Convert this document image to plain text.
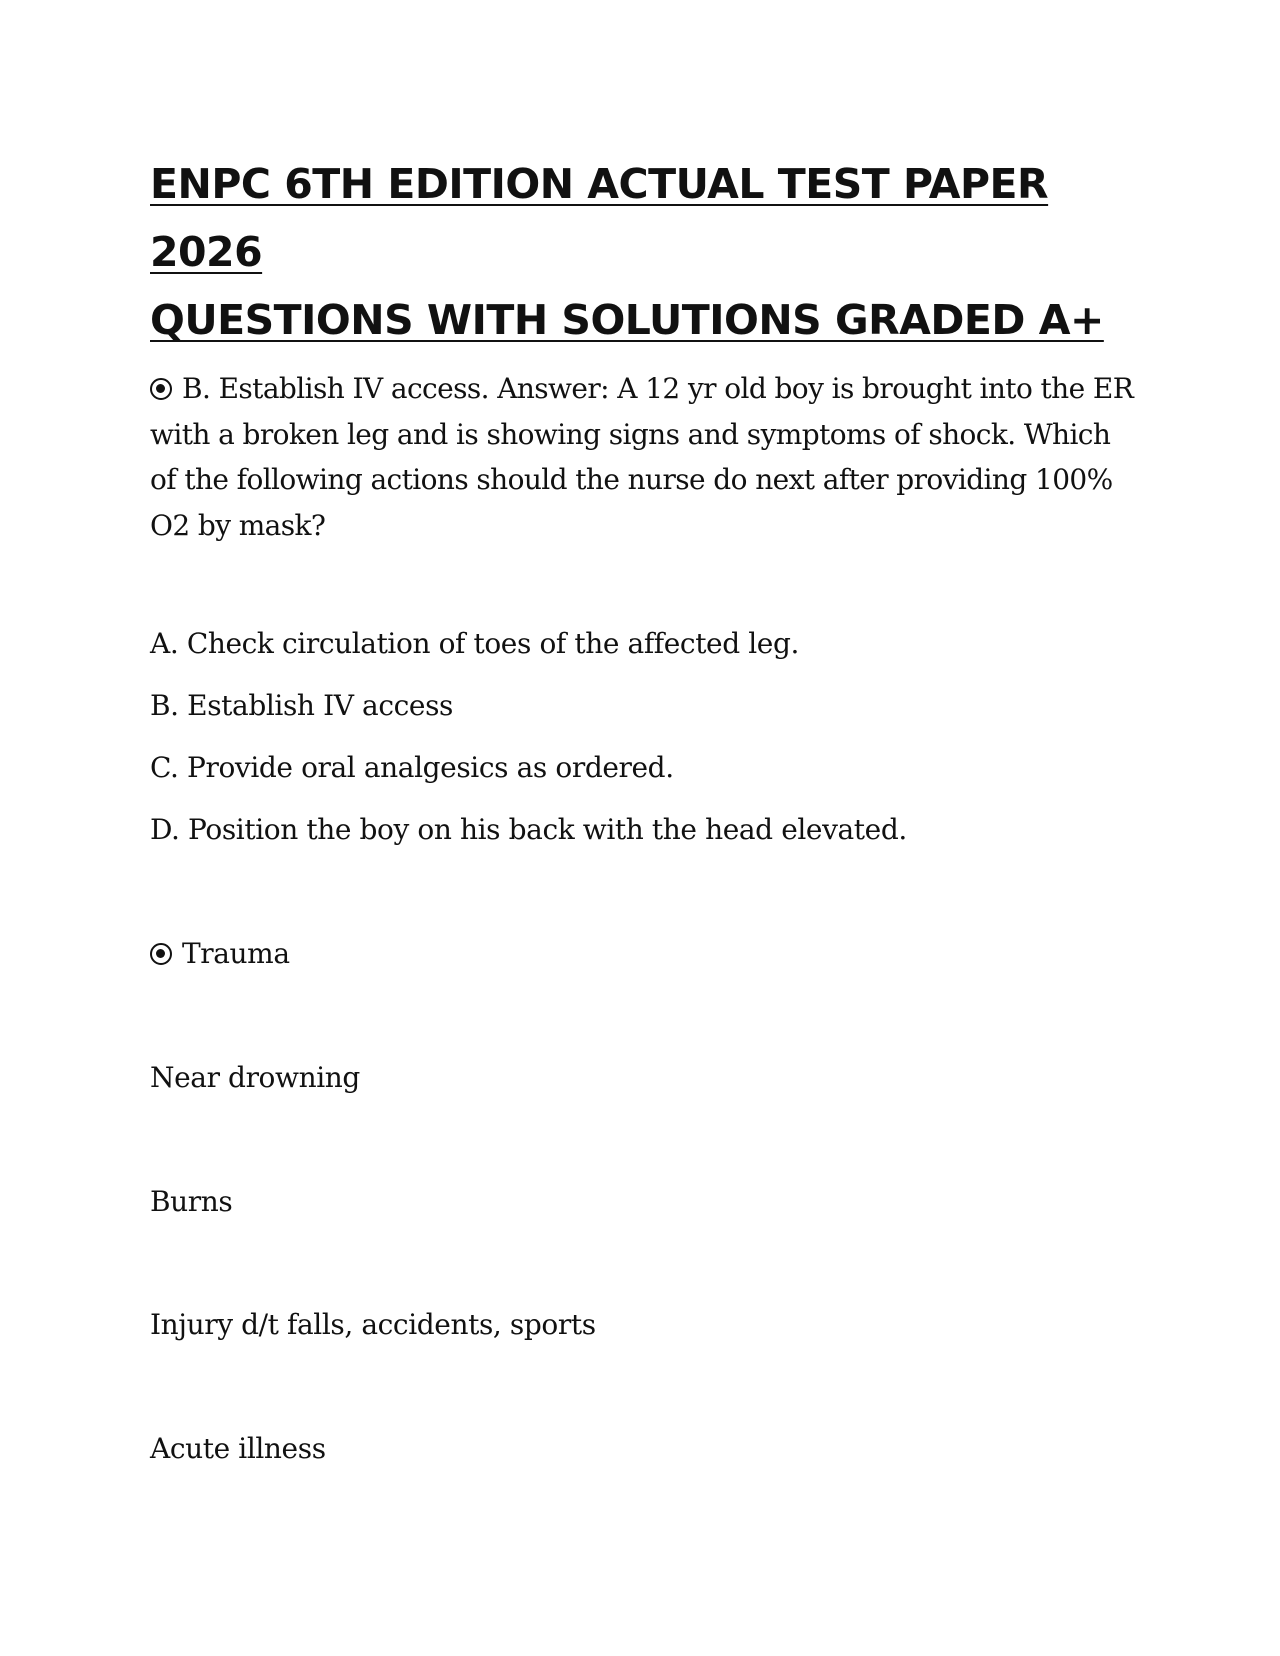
ENPC 6TH EDITION ACTUAL TEST PAPER 2026
QUESTIONS WITH SOLUTIONS GRADED A+

B. Establish IV access. Answer: A 12 yr old boy is brought into the ER with a broken leg and is showing signs and symptoms of shock. Which of the following actions should the nurse do next after providing 100% O2 by mask?

A. Check circulation of toes of the affected leg.
B. Establish IV access
C. Provide oral analgesics as ordered.
D. Position the boy on his back with the head elevated.
Trauma
Near drowning
Burns
Injury d/t falls, accidents, sports
Acute illness
